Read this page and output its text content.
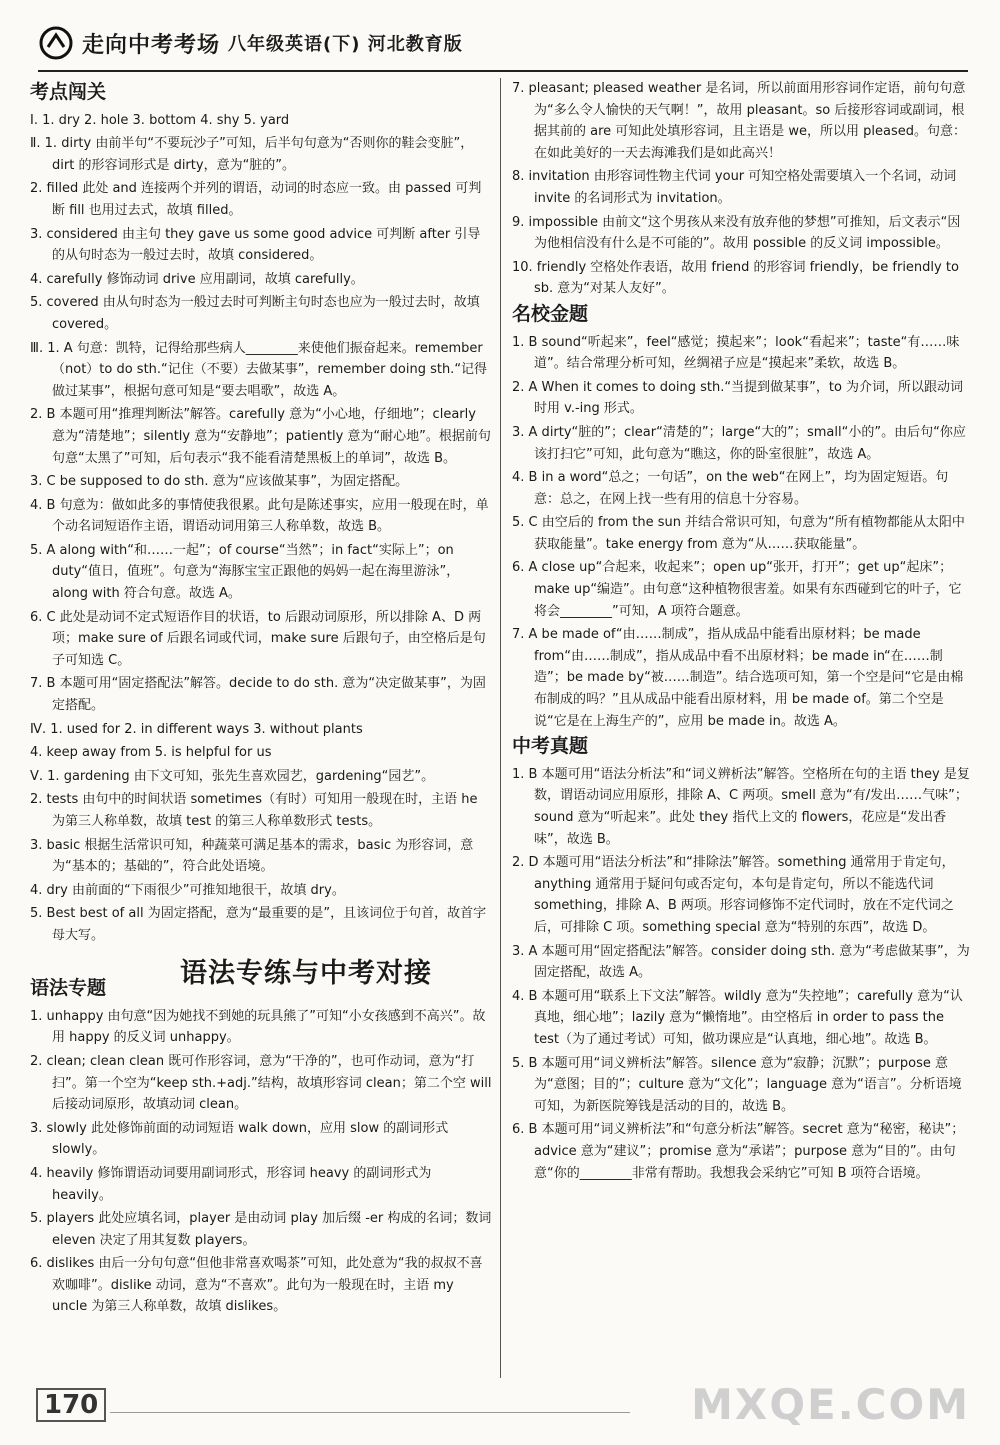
走向中考考场 八年级英语(下) 河北教育版
考点闯关
Ⅰ. 1. dry 2. hole 3. bottom 4. shy 5. yard
Ⅱ. 1. dirty 由前半句“不要玩沙子”可知，后半句句意为“否则你的鞋会变脏”，dirt 的形容词形式是 dirty，意为“脏的”。
2. filled 此处 and 连接两个并列的谓语，动词的时态应一致。由 passed 可判断 fill 也用过去式，故填 filled。
3. considered 由主句 they gave us some good advice 可判断 after 引导的从句时态为一般过去时，故填 considered。
4. carefully 修饰动词 drive 应用副词，故填 carefully。
5. covered 由从句时态为一般过去时可判断主句时态也应为一般过去时，故填 covered。
Ⅲ. 1. A 句意：凯特，记得给那些病人________来使他们振奋起来。remember（not）to do sth.“记住（不要）去做某事”，remember doing sth.“记得做过某事”，根据句意可知是“要去唱歌”，故选 A。
2. B 本题可用“推理判断法”解答。carefully 意为“小心地，仔细地”；clearly 意为“清楚地”；silently 意为“安静地”；patiently 意为“耐心地”。根据前句句意“太黑了”可知，后句表示“我不能看清楚黑板上的单词”，故选 B。
3. C be supposed to do sth. 意为“应该做某事”，为固定搭配。
4. B 句意为：做如此多的事情使我很累。此句是陈述事实，应用一般现在时，单个动名词短语作主语，谓语动词用第三人称单数，故选 B。
5. A along with“和……一起”；of course“当然”；in fact“实际上”；on duty“值日，值班”。句意为“海豚宝宝正跟他的妈妈一起在海里游泳”，along with 符合句意。故选 A。
6. C 此处是动词不定式短语作目的状语，to 后跟动词原形，所以排除 A、D 两项；make sure of 后跟名词或代词，make sure 后跟句子，由空格后是句子可知选 C。
7. B 本题可用“固定搭配法”解答。decide to do sth. 意为“决定做某事”，为固定搭配。
Ⅳ. 1. used for 2. in different ways 3. without plants
4. keep away from 5. is helpful for us
Ⅴ. 1. gardening 由下文可知，张先生喜欢园艺，gardening“园艺”。
2. tests 由句中的时间状语 sometimes（有时）可知用一般现在时，主语 he 为第三人称单数，故填 test 的第三人称单数形式 tests。
3. basic 根据生活常识可知，种蔬菜可满足基本的需求，basic 为形容词，意为“基本的；基础的”，符合此处语境。
4. dry 由前面的“下雨很少”可推知地很干，故填 dry。
5. Best best of all 为固定搭配，意为“最重要的是”，且该词位于句首，故首字母大写。
语法专练与中考对接
语法专题
1. unhappy 由句意“因为她找不到她的玩具熊了”可知“小女孩感到不高兴”。故用 happy 的反义词 unhappy。
2. clean; clean clean 既可作形容词，意为“干净的”，也可作动词，意为“打扫”。第一个空为“keep sth.+adj.”结构，故填形容词 clean；第二个空 will 后接动词原形，故填动词 clean。
3. slowly 此处修饰前面的动词短语 walk down，应用 slow 的副词形式 slowly。
4. heavily 修饰谓语动词要用副词形式，形容词 heavy 的副词形式为 heavily。
5. players 此处应填名词，player 是由动词 play 加后缀 -er 构成的名词；数词 eleven 决定了用其复数 players。
6. dislikes 由后一分句句意“但他非常喜欢喝茶”可知，此处意为“我的叔叔不喜欢咖啡”。dislike 动词，意为“不喜欢”。此句为一般现在时，主语 my uncle 为第三人称单数，故填 dislikes。
7. pleasant; pleased weather 是名词，所以前面用形容词作定语，前句句意为“多么令人愉快的天气啊！”，故用 pleasant。so 后接形容词或副词，根据其前的 are 可知此处填形容词，且主语是 we，所以用 pleased。句意：在如此美好的一天去海滩我们是如此高兴！
8. invitation 由形容词性物主代词 your 可知空格处需要填入一个名词，动词 invite 的名词形式为 invitation。
9. impossible 由前文“这个男孩从来没有放弃他的梦想”可推知，后文表示“因为他相信没有什么是不可能的”。故用 possible 的反义词 impossible。
10. friendly 空格处作表语，故用 friend 的形容词 friendly，be friendly to sb. 意为“对某人友好”。
名校金题
1. B sound“听起来”，feel“感觉；摸起来”；look“看起来”；taste“有……味道”。结合常理分析可知，丝绸裙子应是“摸起来”柔软，故选 B。
2. A When it comes to doing sth.“当提到做某事”，to 为介词，所以跟动词时用 v.-ing 形式。
3. A dirty“脏的”；clear“清楚的”；large“大的”；small“小的”。由后句“你应该打扫它”可知，此句意为“瞧这，你的卧室很脏”，故选 A。
4. B in a word“总之；一句话”，on the web“在网上”，均为固定短语。句意：总之，在网上找一些有用的信息十分容易。
5. C 由空后的 from the sun 并结合常识可知，句意为“所有植物都能从太阳中获取能量”。take energy from 意为“从……获取能量”。
6. A close up“合起来，收起来”；open up“张开，打开”；get up“起床”；make up“编造”。由句意“这种植物很害羞。如果有东西碰到它的叶子，它将会________”可知，A 项符合题意。
7. A be made of“由……制成”，指从成品中能看出原材料；be made from“由……制成”，指从成品中看不出原材料；be made in“在……制造”；be made by“被……制造”。结合选项可知，第一个空是问“它是由棉布制成的吗？”且从成品中能看出原材料，用 be made of。第二个空是说“它是在上海生产的”，应用 be made in。故选 A。
中考真题
1. B 本题可用“语法分析法”和“词义辨析法”解答。空格所在句的主语 they 是复数，谓语动词应用原形，排除 A、C 两项。smell 意为“有/发出……气味”；sound 意为“听起来”。此处 they 指代上文的 flowers，花应是“发出香味”，故选 B。
2. D 本题可用“语法分析法”和“排除法”解答。something 通常用于肯定句，anything 通常用于疑问句或否定句，本句是肯定句，所以不能选代词 something，排除 A、B 两项。形容词修饰不定代词时，放在不定代词之后，可排除 C 项。something special 意为“特别的东西”，故选 D。
3. A 本题可用“固定搭配法”解答。consider doing sth. 意为“考虑做某事”，为固定搭配，故选 A。
4. B 本题可用“联系上下文法”解答。wildly 意为“失控地”；carefully 意为“认真地，细心地”；lazily 意为“懒惰地”。由空格后 in order to pass the test（为了通过考试）可知，做功课应是“认真地，细心地”。故选 B。
5. B 本题可用“词义辨析法”解答。silence 意为“寂静；沉默”；purpose 意为“意图；目的”；culture 意为“文化”；language 意为“语言”。分析语境可知，为新医院筹钱是活动的目的，故选 B。
6. B 本题可用“词义辨析法”和“句意分析法”解答。secret 意为“秘密，秘诀”；advice 意为“建议”；promise 意为“承诺”；purpose 意为“目的”。由句意“你的________非常有帮助。我想我会采纳它”可知 B 项符合语境。
170	MXQE.COM
